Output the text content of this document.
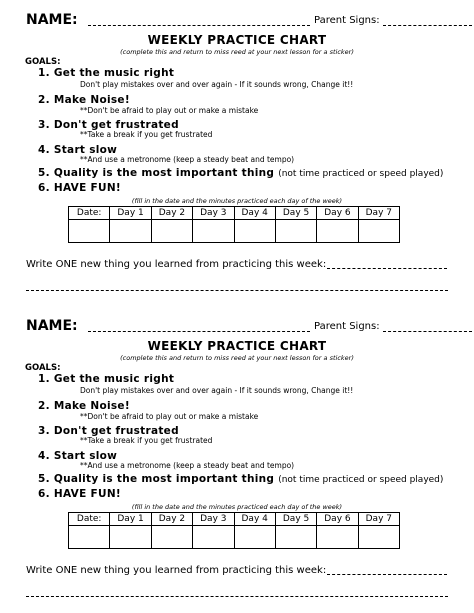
NAME:	Parent Signs:
WEEKLY PRACTICE CHART
(complete this and return to miss reed at your next lesson for a sticker)
GOALS:
1. Get the music right
Don't play mistakes over and over again - If it sounds wrong, Change it!!
2. Make Noise!
**Don't be afraid to play out or make a mistake
3. Don't get frustrated
**Take a break if you get frustrated
4. Start slow
**And use a metronome (keep a steady beat and tempo)
5. Quality is the most important thing (not time practiced or speed played)
6. HAVE FUN!
(fill in the date and the minutes practiced each day of the week)
Date:	Day 1	Day 2	Day 3	Day 4	Day 5	Day 6	Day 7

Write ONE new thing you learned from practicing this week:
NAME:	Parent Signs:
WEEKLY PRACTICE CHART
(complete this and return to miss reed at your next lesson for a sticker)
GOALS:
1. Get the music right
Don't play mistakes over and over again - If it sounds wrong, Change it!!
2. Make Noise!
**Don't be afraid to play out or make a mistake
3. Don't get frustrated
**Take a break if you get frustrated
4. Start slow
**And use a metronome (keep a steady beat and tempo)
5. Quality is the most important thing (not time practiced or speed played)
6. HAVE FUN!
(fill in the date and the minutes practiced each day of the week)
Date:	Day 1	Day 2	Day 3	Day 4	Day 5	Day 6	Day 7

Write ONE new thing you learned from practicing this week:
